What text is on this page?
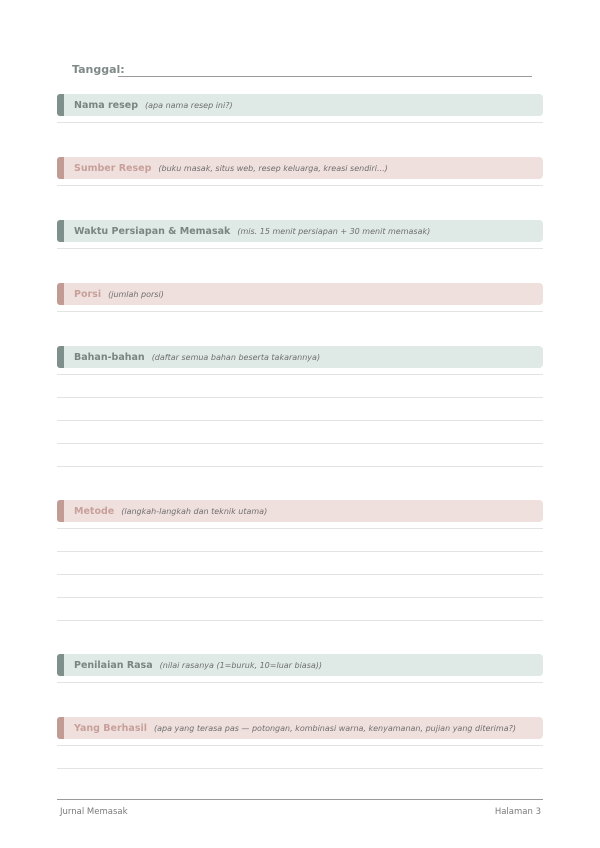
Tanggal:
Nama resep (apa nama resep ini?)
Sumber Resep (buku masak, situs web, resep keluarga, kreasi sendiri...)
Waktu Persiapan & Memasak (mis. 15 menit persiapan + 30 menit memasak)
Porsi (jumlah porsi)
Bahan-bahan (daftar semua bahan beserta takarannya)
Metode (langkah-langkah dan teknik utama)
Penilaian Rasa (nilai rasanya (1=buruk, 10=luar biasa))
Yang Berhasil (apa yang terasa pas — potongan, kombinasi warna, kenyamanan, pujian yang diterima?)
Jurnal Memasak	Halaman 3
